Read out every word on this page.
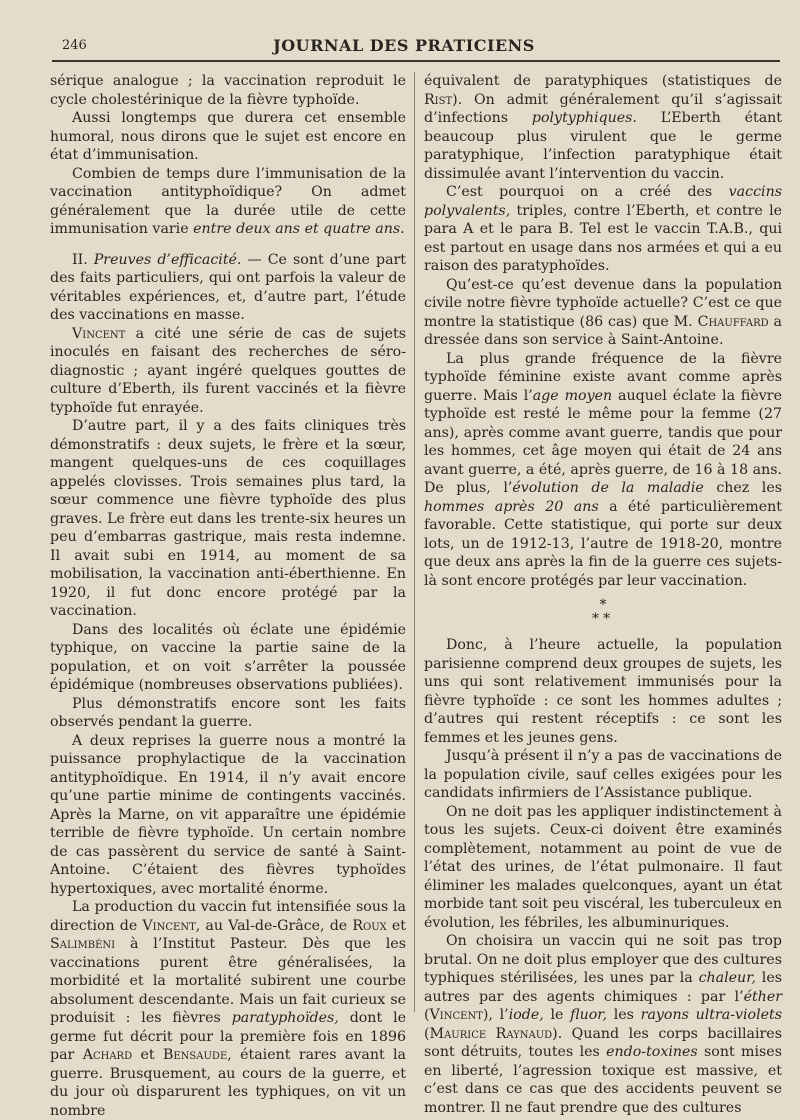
246	JOURNAL DES PRATICIENS

sérique analogue ; la vaccination reproduit le cycle cholestérinique de la fièvre typhoïde.

Aussi longtemps que durera cet ensemble humoral, nous dirons que le sujet est encore en état d’immunisation.

Combien de temps dure l’immunisation de la vaccination antityphoïdique? On admet généralement que la durée utile de cette immunisation varie entre deux ans et quatre ans.

II. Preuves d’efficacité. — Ce sont d’une part des faits particuliers, qui ont parfois la valeur de véritables expériences, et, d’autre part, l’étude des vaccinations en masse.

Vincent a cité une série de cas de sujets inoculés en faisant des recherches de séro-diagnostic ; ayant ingéré quelques gouttes de culture d’Eberth, ils furent vaccinés et la fièvre typhoïde fut enrayée.

D’autre part, il y a des faits cliniques très démonstratifs : deux sujets, le frère et la sœur, mangent quelques-uns de ces coquillages appelés clovisses. Trois semaines plus tard, la sœur commence une fièvre typhoïde des plus graves. Le frère eut dans les trente-six heures un peu d’embarras gastrique, mais resta indemne. Il avait subi en 1914, au moment de sa mobilisation, la vaccination anti-éberthienne. En 1920, il fut donc encore protégé par la vaccination.

Dans des localités où éclate une épidémie typhique, on vaccine la partie saine de la population, et on voit s’arrêter la poussée épidémique (nombreuses observations publiées).

Plus démonstratifs encore sont les faits observés pendant la guerre.

A deux reprises la guerre nous a montré la puissance prophylactique de la vaccination antityphoïdique. En 1914, il n’y avait encore qu’une partie minime de contingents vaccinés. Après la Marne, on vit apparaître une épidémie terrible de fièvre typhoïde. Un certain nombre de cas passèrent du service de santé à Saint-Antoine. C’étaient des fièvres typhoïdes hypertoxiques, avec mortalité énorme.

La production du vaccin fut intensifiée sous la direction de Vincent, au Val-de-Grâce, de Roux et Salimbéni à l’Institut Pasteur. Dès que les vaccinations purent être généralisées, la morbidité et la mortalité subirent une courbe absolument descendante. Mais un fait curieux se produisit : les fièvres paratyphoïdes, dont le germe fut décrit pour la première fois en 1896 par Achard et Bensaude, étaient rares avant la guerre. Brusquement, au cours de la guerre, et du jour où disparurent les typhiques, on vit un nombre

équivalent de paratyphiques (statistiques de Rist). On admit généralement qu’il s’agissait d’infections polytyphiques. L’Eberth étant beaucoup plus virulent que le germe paratyphique, l’infection paratyphique était dissimulée avant l’intervention du vaccin.

C’est pourquoi on a créé des vaccins polyvalents, triples, contre l’Eberth, et contre le para A et le para B. Tel est le vaccin T.A.B., qui est partout en usage dans nos armées et qui a eu raison des paratyphoïdes.

Qu’est-ce qu’est devenue dans la population civile notre fièvre typhoïde actuelle? C’est ce que montre la statistique (86 cas) que M. Chauffard a dressée dans son service à Saint-Antoine.

La plus grande fréquence de la fièvre typhoïde féminine existe avant comme après guerre. Mais l’age moyen auquel éclate la fièvre typhoïde est resté le même pour la femme (27 ans), après comme avant guerre, tandis que pour les hommes, cet âge moyen qui était de 24 ans avant guerre, a été, après guerre, de 16 à 18 ans. De plus, l’évolution de la maladie chez les hommes après 20 ans a été particulièrement favorable. Cette statistique, qui porte sur deux lots, un de 1912-13, l’autre de 1918-20, montre que deux ans après la fin de la guerre ces sujets-là sont encore protégés par leur vaccination.

*
**

Donc, à l’heure actuelle, la population parisienne comprend deux groupes de sujets, les uns qui sont relativement immunisés pour la fièvre typhoïde : ce sont les hommes adultes ; d’autres qui restent réceptifs : ce sont les femmes et les jeunes gens.

Jusqu’à présent il n’y a pas de vaccinations de la population civile, sauf celles exigées pour les candidats infirmiers de l’Assistance publique.

On ne doit pas les appliquer indistinctement à tous les sujets. Ceux-ci doivent être examinés complètement, notamment au point de vue de l’état des urines, de l’état pulmonaire. Il faut éliminer les malades quelconques, ayant un état morbide tant soit peu viscéral, les tuberculeux en évolution, les fébriles, les albuminuriques.

On choisira un vaccin qui ne soit pas trop brutal. On ne doit plus employer que des cultures typhiques stérilisées, les unes par la chaleur, les autres par des agents chimiques : par l’éther (Vincent), l’iode, le fluor, les rayons ultra-violets (Maurice Raynaud). Quand les corps bacillaires sont détruits, toutes les endo-toxines sont mises en liberté, l’agression toxique est massive, et c’est dans ce cas que des accidents peuvent se montrer. Il ne faut prendre que des cultures
